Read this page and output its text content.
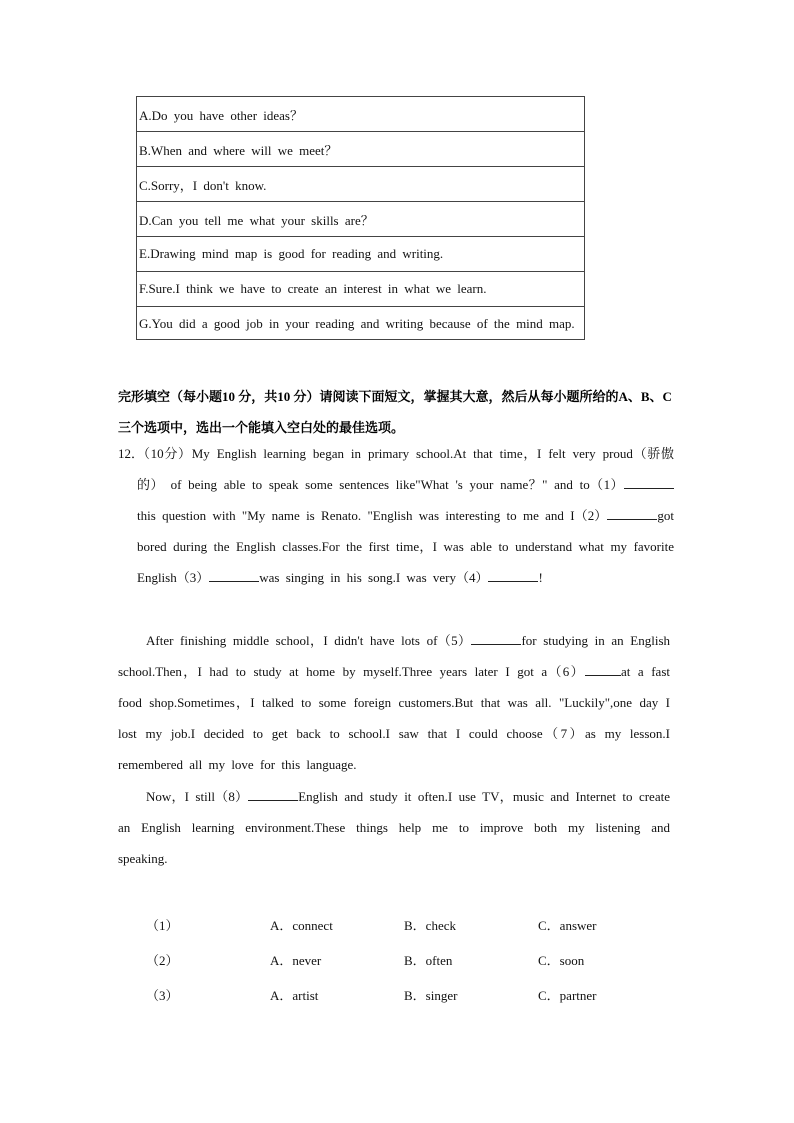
A.Do you have other ideas？
B.When and where will we meet？
C.Sorry，I don't know.
D.Can you tell me what your skills are？
E.Drawing mind map is good for reading and writing.
F.Sure.I think we have to create an interest in what we learn.
G.You did a good job in your reading and writing because of the mind map.
完形填空（每小题10 分，共10 分）请阅读下面短文，掌握其大意，然后从每小题所给的A、B、C 三个选项中，选出一个能填入空白处的最佳选项。
12．
（10分）My English learning began in primary school.At that time，I felt very proud（骄傲的） of being able to speak some sentences like"What 's your name？" and to（1）this question with "My name is Renato. "English was interesting to me and I（2）	got bored during the English classes.For the first time，I was able to understand what my favorite English（3）	was singing in his song.I was very（4）	!
After finishing middle school，I didn't have lots of（5）	for studying in an English school.Then，I had to study at home by myself.Three years later I got a（6）	at a fast food shop.Sometimes，I talked to some foreign customers.But that was all. "Luckily",one day I lost my job.I decided to get back to school.I saw that I could choose（7）as my lesson.I remembered all my love for this language.
Now，I still（8）	English and study it often.I use TV，music and Internet to create an English learning environment.These things help me to improve both my listening and speaking.
（1）	A．connect	B．check	C．answer
（2）	A．never	B．often	C．soon
（3）	A．artist	B．singer	C．partner
